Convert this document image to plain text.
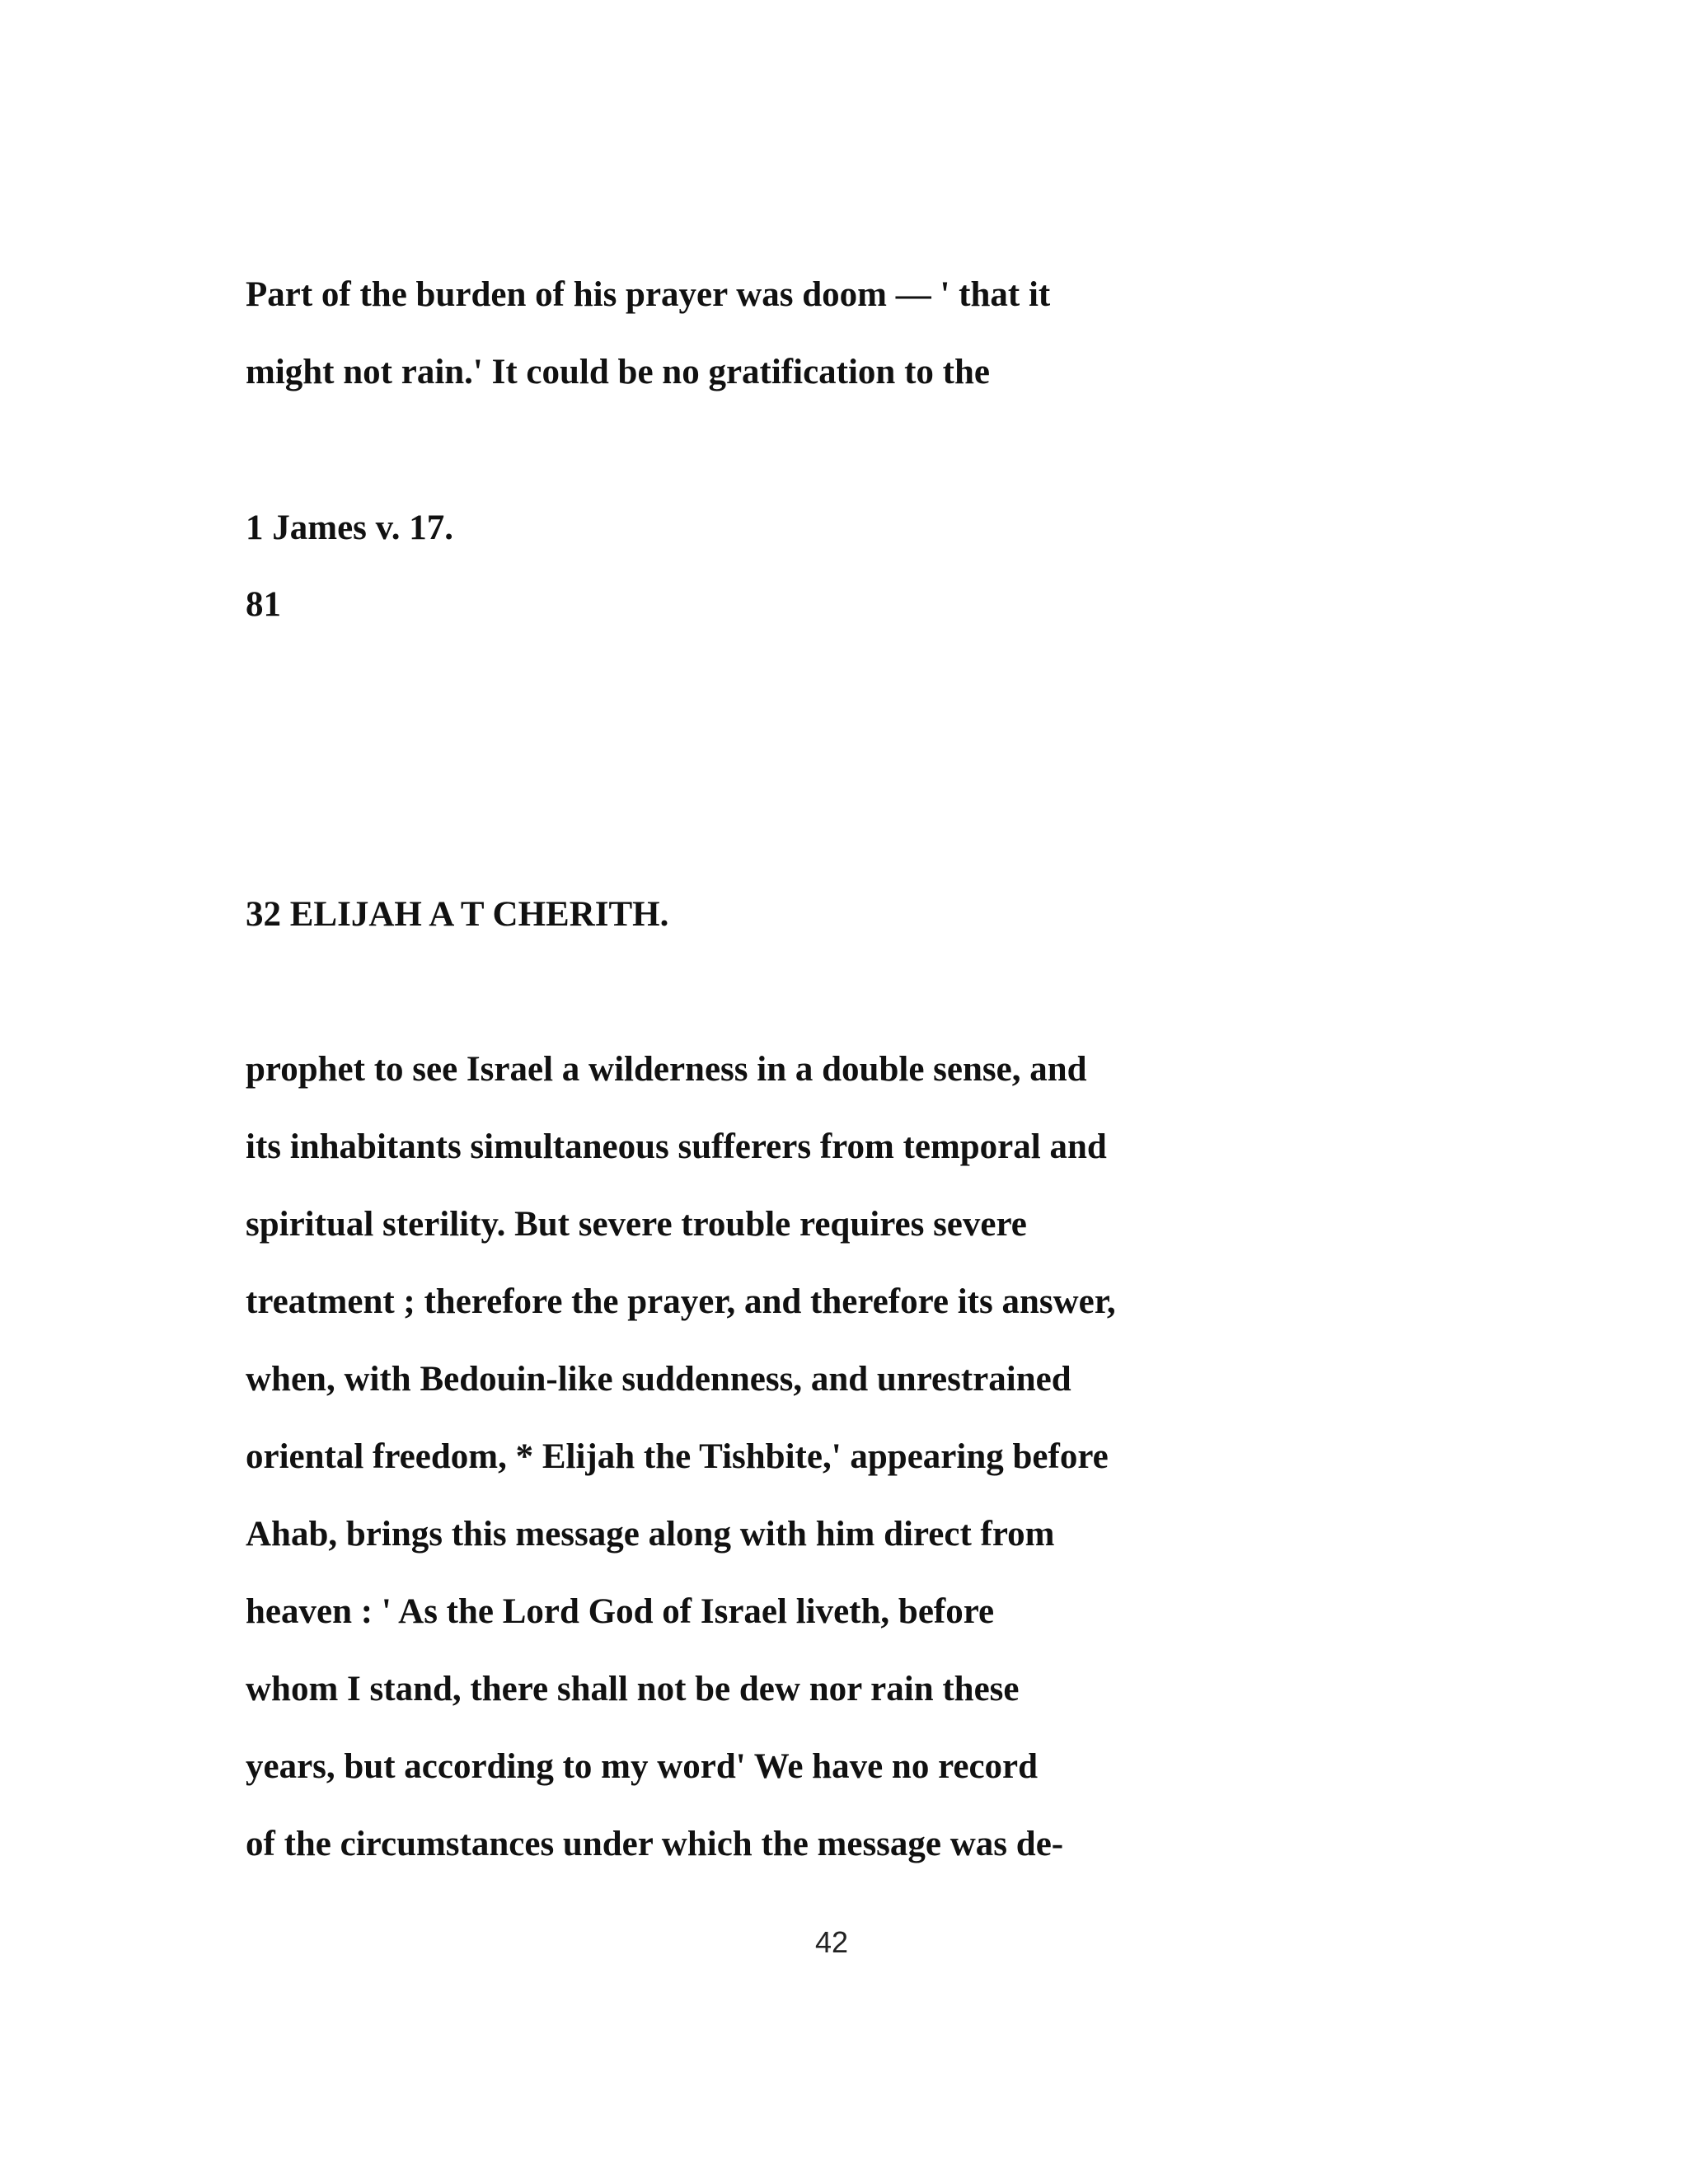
Part of the burden of his prayer was doom — ' that it
might not rain.' It could be no gratification to the
1 James v. 17.
81
32 ELIJAH A T CHERITH.
prophet to see Israel a wilderness in a double sense, and
its inhabitants simultaneous sufferers from temporal and
spiritual sterility. But severe trouble requires severe
treatment ; therefore the prayer, and therefore its answer,
when, with Bedouin-like suddenness, and unrestrained
oriental freedom, * Elijah the Tishbite,' appearing before
Ahab, brings this message along with him direct from
heaven : ' As the Lord God of Israel liveth, before
whom I stand, there shall not be dew nor rain these
years, but according to my word' We have no record
of the circumstances under which the message was de-
42
